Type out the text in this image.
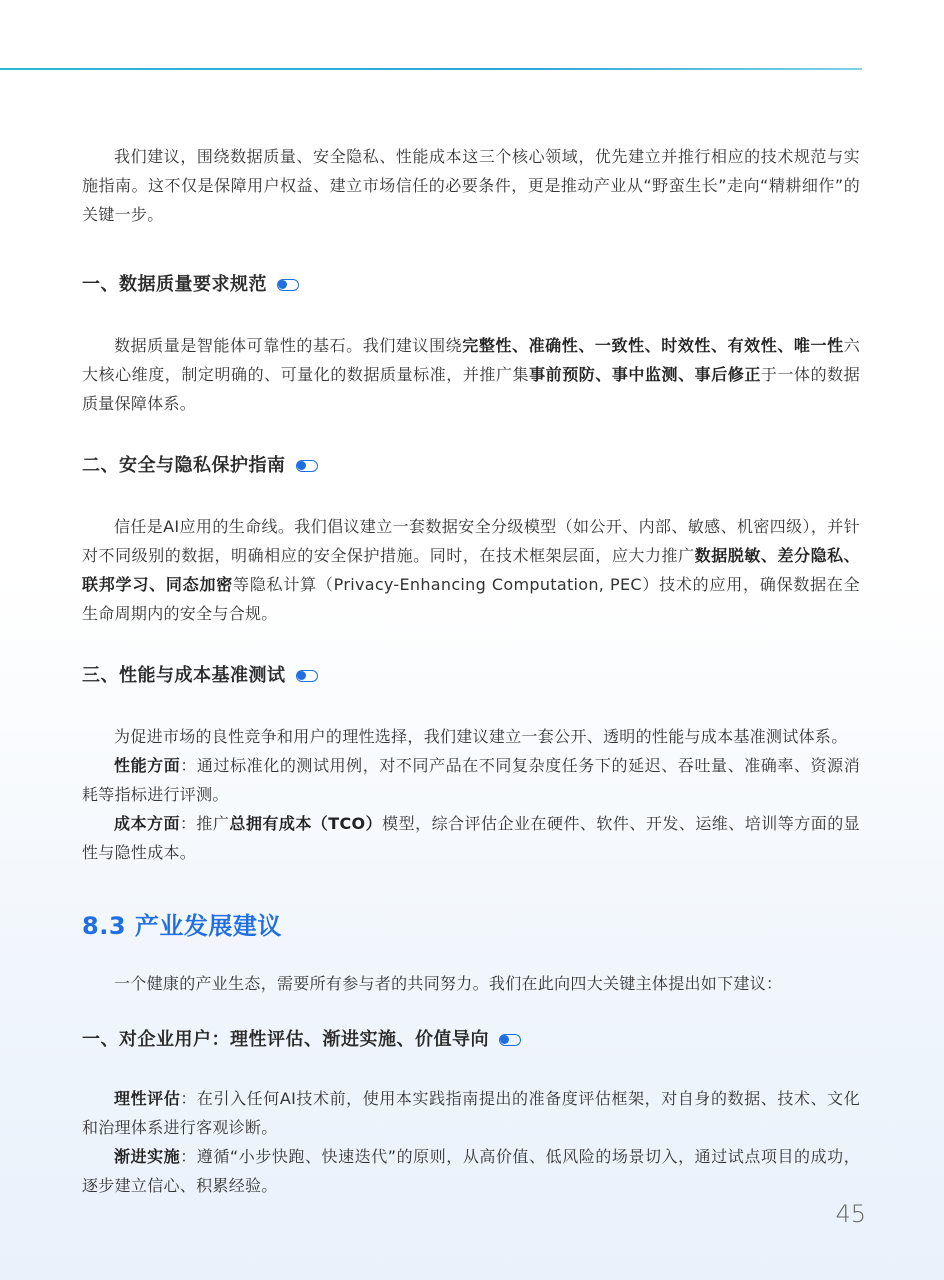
我们建议，围绕数据质量、安全隐私、性能成本这三个核心领域，优先建立并推行相应的技术规范与实施指南。这不仅是保障用户权益、建立市场信任的必要条件，更是推动产业从“野蛮生长”走向“精耕细作”的关键一步。

一、数据质量要求规范

数据质量是智能体可靠性的基石。我们建议围绕完整性、准确性、一致性、时效性、有效性、唯一性六大核心维度，制定明确的、可量化的数据质量标准，并推广集事前预防、事中监测、事后修正于一体的数据质量保障体系。

二、安全与隐私保护指南

信任是AI应用的生命线。我们倡议建立一套数据安全分级模型（如公开、内部、敏感、机密四级），并针对不同级别的数据，明确相应的安全保护措施。同时，在技术框架层面，应大力推广数据脱敏、差分隐私、联邦学习、同态加密等隐私计算（Privacy-Enhancing Computation, PEC）技术的应用，确保数据在全生命周期内的安全与合规。

三、性能与成本基准测试

为促进市场的良性竞争和用户的理性选择，我们建议建立一套公开、透明的性能与成本基准测试体系。

性能方面：通过标准化的测试用例，对不同产品在不同复杂度任务下的延迟、吞吐量、准确率、资源消耗等指标进行评测。

成本方面：推广总拥有成本（TCO）模型，综合评估企业在硬件、软件、开发、运维、培训等方面的显性与隐性成本。

8.3 产业发展建议

一个健康的产业生态，需要所有参与者的共同努力。我们在此向四大关键主体提出如下建议：

一、对企业用户：理性评估、渐进实施、价值导向

理性评估：在引入任何AI技术前，使用本实践指南提出的准备度评估框架，对自身的数据、技术、文化和治理体系进行客观诊断。

渐进实施：遵循“小步快跑、快速迭代”的原则，从高价值、低风险的场景切入，通过试点项目的成功，逐步建立信心、积累经验。

45
